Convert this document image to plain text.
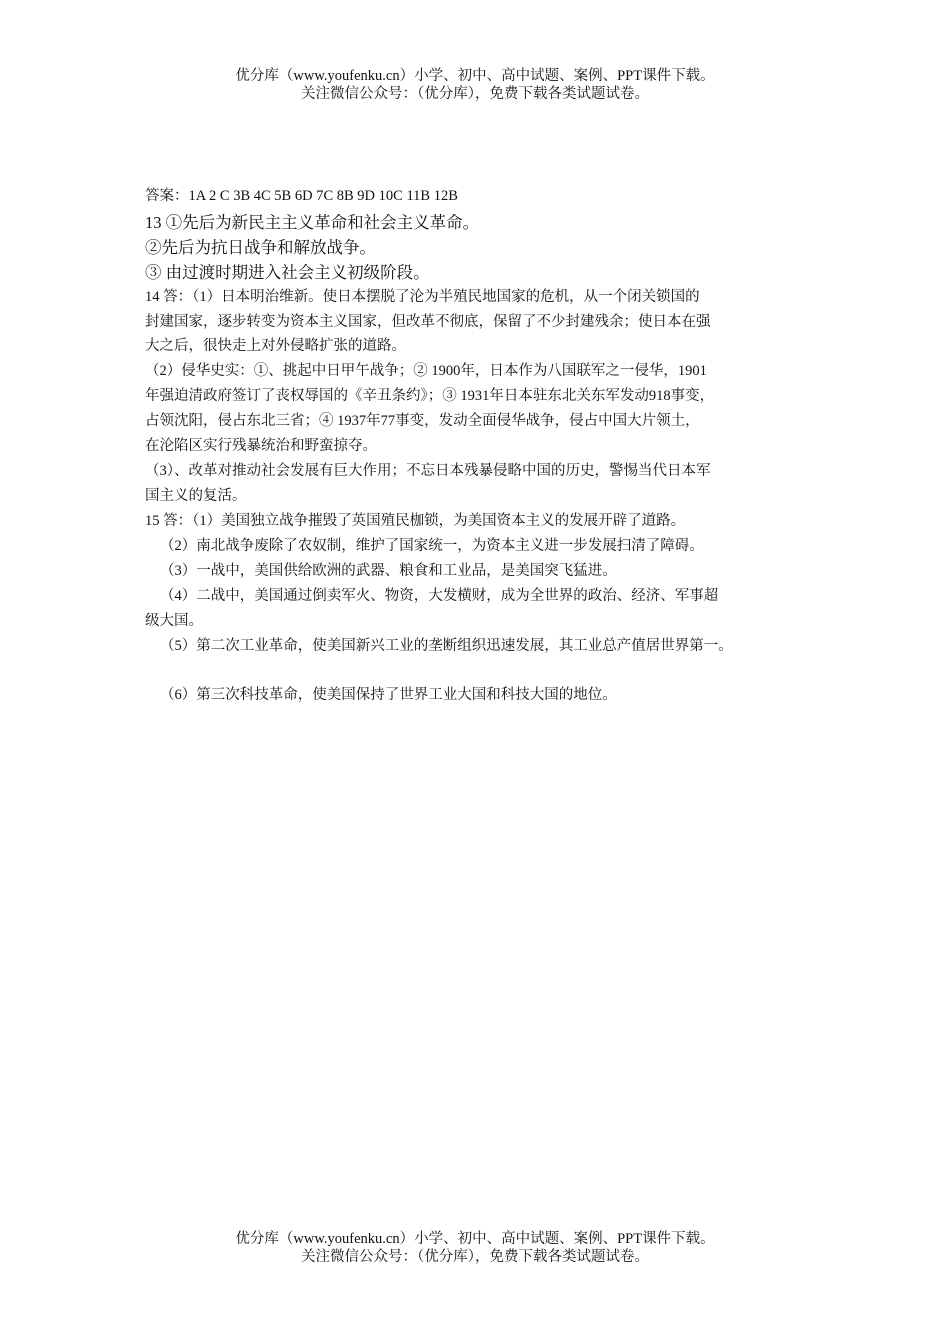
优分库（www.youfenku.cn）小学、初中、高中试题、案例、PPT课件下载。
关注微信公众号：（优分库），免费下载各类试题试卷。
答案：1A 2 C 3B 4C 5B 6D 7C 8B 9D 10C 11B 12B
13 ①先后为新民主主义革命和社会主义革命。
②先后为抗日战争和解放战争。
③ 由过渡时期进入社会主义初级阶段。
14 答：（1）日本明治维新。使日本摆脱了沦为半殖民地国家的危机，从一个闭关锁国的
封建国家，逐步转变为资本主义国家，但改革不彻底，保留了不少封建残余；使日本在强
大之后，很快走上对外侵略扩张的道路。
（2）侵华史实：①、挑起中日甲午战争；② 1900年，日本作为八国联军之一侵华，1901
年强迫清政府签订了丧权辱国的《辛丑条约》；③ 1931年日本驻东北关东军发动918事变，
占领沈阳，侵占东北三省；④ 1937年77事变，发动全面侵华战争，侵占中国大片领土，
在沦陷区实行残暴统治和野蛮掠夺。
（3）、改革对推动社会发展有巨大作用；不忘日本残暴侵略中国的历史，警惕当代日本军
国主义的复活。
15 答：（1）美国独立战争摧毁了英国殖民枷锁，为美国资本主义的发展开辟了道路。
（2）南北战争废除了农奴制，维护了国家统一，为资本主义进一步发展扫清了障碍。
（3）一战中，美国供给欧洲的武器、粮食和工业品，是美国突飞猛进。
（4）二战中，美国通过倒卖军火、物资，大发横财，成为全世界的政治、经济、军事超
级大国。
（5）第二次工业革命，使美国新兴工业的垄断组织迅速发展，其工业总产值居世界第一。
（6）第三次科技革命，使美国保持了世界工业大国和科技大国的地位。
优分库（www.youfenku.cn）小学、初中、高中试题、案例、PPT课件下载。
关注微信公众号：（优分库），免费下载各类试题试卷。
